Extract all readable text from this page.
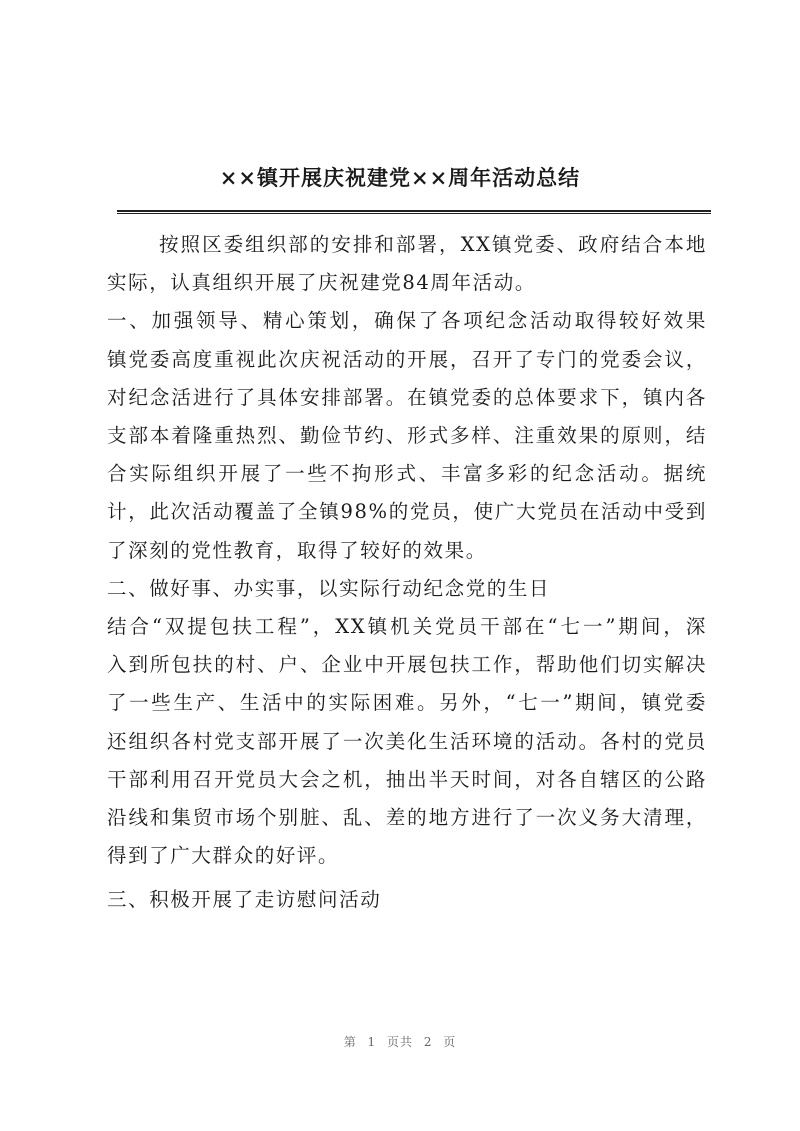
××镇开展庆祝建党××周年活动总结

按照区委组织部的安排和部署，XX镇党委、政府结合本地

实际，认真组织开展了庆祝建党84周年活动。

一、加强领导、精心策划，确保了各项纪念活动取得较好效果

镇党委高度重视此次庆祝活动的开展，召开了专门的党委会议，

对纪念活进行了具体安排部署。在镇党委的总体要求下，镇内各

支部本着隆重热烈、勤俭节约、形式多样、注重效果的原则，结

合实际组织开展了一些不拘形式、丰富多彩的纪念活动。据统

计，此次活动覆盖了全镇98%的党员，使广大党员在活动中受到

了深刻的党性教育，取得了较好的效果。

二、做好事、办实事，以实际行动纪念党的生日

结合“双提包扶工程”，XX镇机关党员干部在“七一”期间，深

入到所包扶的村、户、企业中开展包扶工作，帮助他们切实解决

了一些生产、生活中的实际困难。另外，“七一”期间，镇党委

还组织各村党支部开展了一次美化生活环境的活动。各村的党员

干部利用召开党员大会之机，抽出半天时间，对各自辖区的公路

沿线和集贸市场个别脏、乱、差的地方进行了一次义务大清理，

得到了广大群众的好评。

三、积极开展了走访慰问活动

第 1 页共 2 页
